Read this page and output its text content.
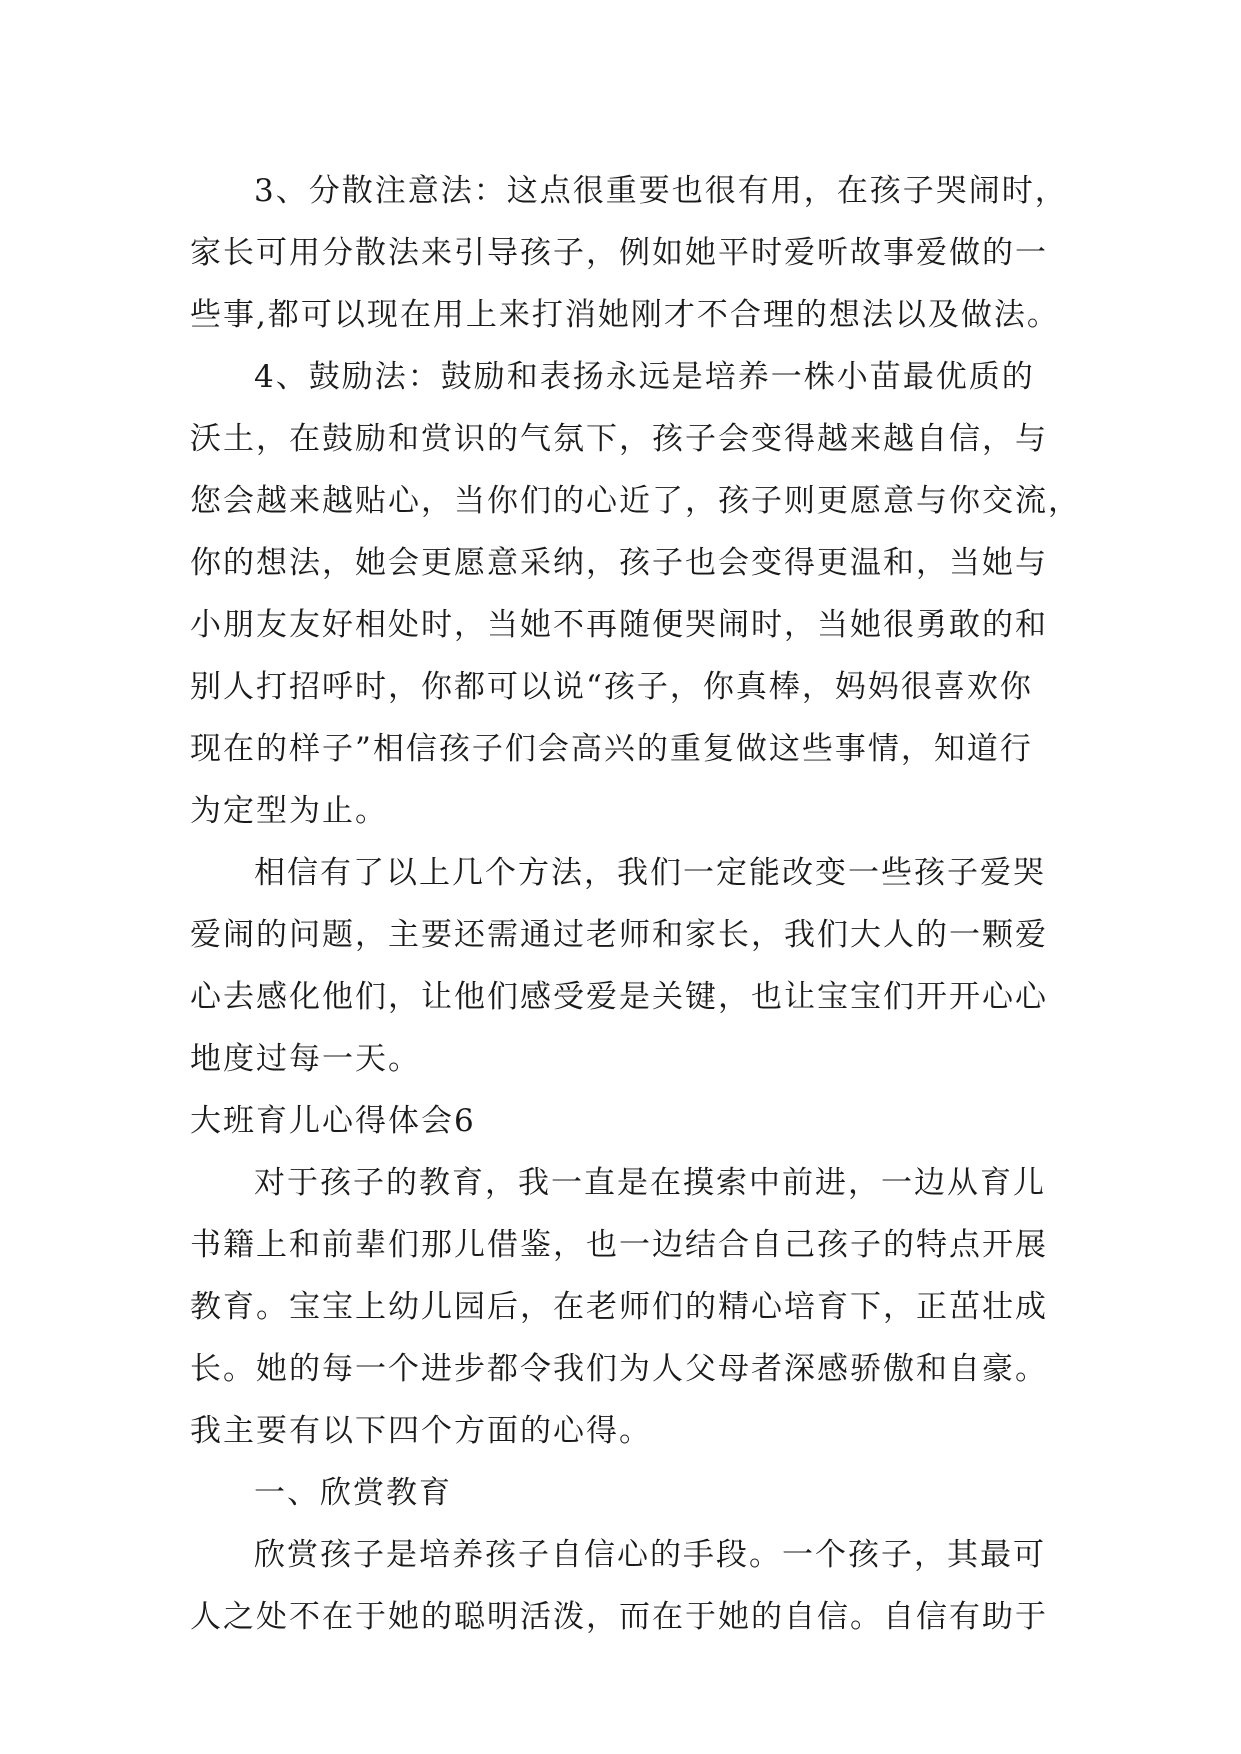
3、分散注意法：这点很重要也很有用，在孩子哭闹时，
家长可用分散法来引导孩子，例如她平时爱听故事爱做的一
些事,都可以现在用上来打消她刚才不合理的想法以及做法。
4、鼓励法：鼓励和表扬永远是培养一株小苗最优质的
沃土，在鼓励和赏识的气氛下，孩子会变得越来越自信，与
您会越来越贴心，当你们的心近了，孩子则更愿意与你交流，
你的想法，她会更愿意采纳，孩子也会变得更温和，当她与
小朋友友好相处时，当她不再随便哭闹时，当她很勇敢的和
别人打招呼时，你都可以说“孩子，你真棒，妈妈很喜欢你
现在的样子”相信孩子们会高兴的重复做这些事情，知道行
为定型为止。
相信有了以上几个方法，我们一定能改变一些孩子爱哭
爱闹的问题，主要还需通过老师和家长，我们大人的一颗爱
心去感化他们，让他们感受爱是关键，也让宝宝们开开心心
地度过每一天。
大班育儿心得体会6
对于孩子的教育，我一直是在摸索中前进，一边从育儿
书籍上和前辈们那儿借鉴，也一边结合自己孩子的特点开展
教育。宝宝上幼儿园后，在老师们的精心培育下，正茁壮成
长。她的每一个进步都令我们为人父母者深感骄傲和自豪。
我主要有以下四个方面的心得。
一、欣赏教育
欣赏孩子是培养孩子自信心的手段。一个孩子，其最可
人之处不在于她的聪明活泼，而在于她的自信。自信有助于
